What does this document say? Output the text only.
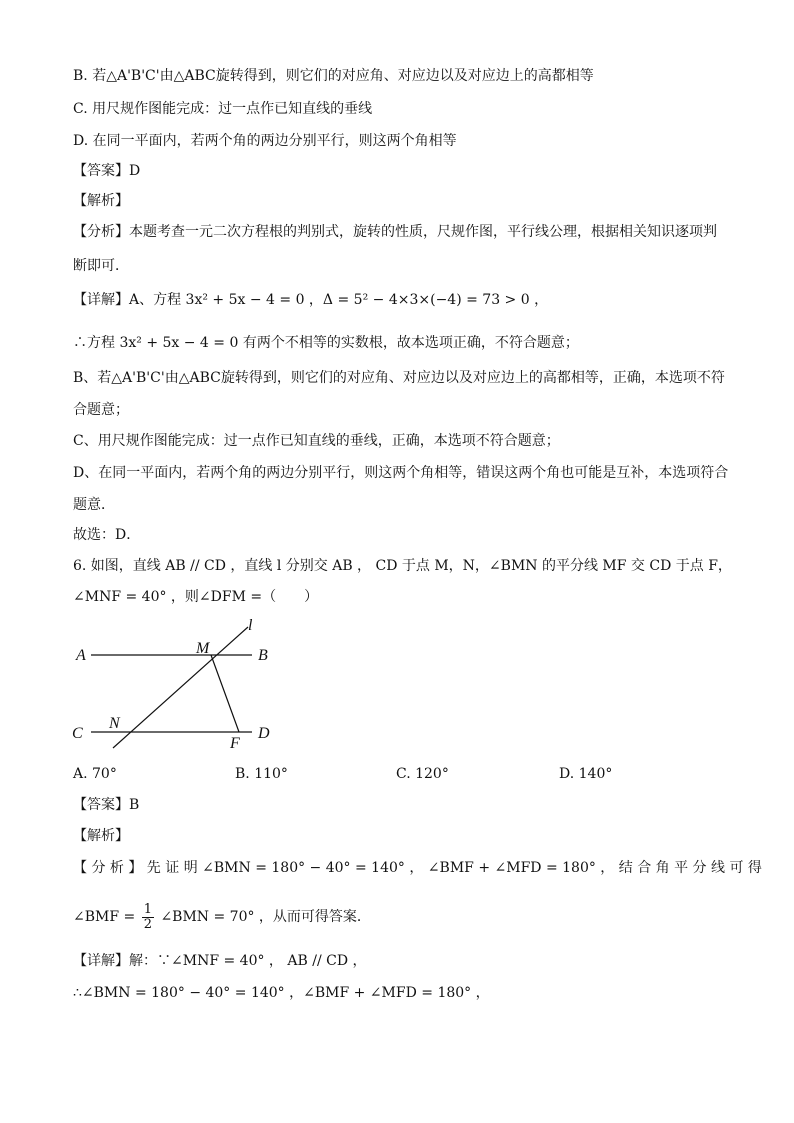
B. 若△A'B'C'由△ABC旋转得到，则它们的对应角、对应边以及对应边上的高都相等
C. 用尺规作图能完成：过一点作已知直线的垂线
D. 在同一平面内，若两个角的两边分别平行，则这两个角相等
【答案】D
【解析】
【分析】本题考查一元二次方程根的判别式，旋转的性质，尺规作图，平行线公理，根据相关知识逐项判
断即可．
【详解】A、方程 3x² + 5x − 4 = 0 ，Δ = 5² − 4×3×(−4) = 73 > 0 ，
∴方程 3x² + 5x − 4 = 0 有两个不相等的实数根，故本选项正确，不符合题意；
B、若△A'B'C'由△ABC旋转得到，则它们的对应角、对应边以及对应边上的高都相等，正确，本选项不符
合题意；
C、用尺规作图能完成：过一点作已知直线的垂线，正确，本选项不符合题意；
D、在同一平面内，若两个角的两边分别平行，则这两个角相等，错误这两个角也可能是互补，本选项符合
题意．
故选：D．
6. 如图，直线 AB // CD ，直线 l 分别交 AB ， CD 于点 M，N，∠BMN 的平分线 MF 交 CD 于点 F，
∠MNF = 40° ，则∠DFM =（　　）
A	B
C	D
M
N
F
l
A. 70°	B. 110°	C. 120°	D. 140°
【答案】B
【解析】
【 分 析 】 先 证 明 ∠BMN = 180° − 40° = 140° ， ∠BMF + ∠MFD = 180° ， 结 合 角 平 分 线 可 得
∠BMF = $\frac{1}{2}$ ∠BMN = 70° ，从而可得答案．
【详解】解：∵∠MNF = 40° ， AB // CD ，
∴∠BMN = 180° − 40° = 140° ，∠BMF + ∠MFD = 180° ，
